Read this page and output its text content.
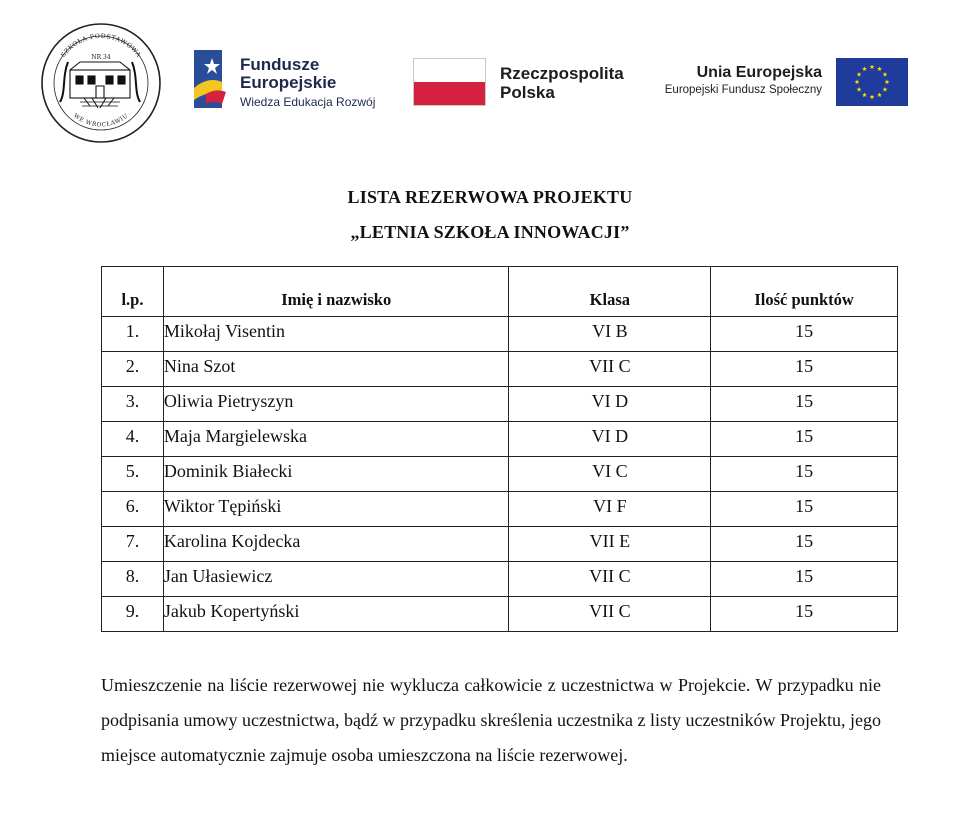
SZKOŁA PODSTAWOWA
WE WROCŁAWIU
NR 34	Fundusze
Europejskie
Wiedza Edukacja Rozwój
Rzeczpospolita
Polska
Unia Europejska
Europejski Fundusz Społeczny
LISTA REZERWOWA PROJEKTU
„LETNIA SZKOŁA INNOWACJI”
l.p.	Imię i nazwisko	Klasa	Ilość punktów
1.	Mikołaj Visentin	VI B	15
2.	Nina Szot	VII C	15
3.	Oliwia Pietryszyn	VI D	15
4.	Maja Margielewska	VI D	15
5.	Dominik Białecki	VI C	15
6.	Wiktor Tępiński	VI F	15
7.	Karolina Kojdecka	VII E	15
8.	Jan Ułasiewicz	VII C	15
9.	Jakub Kopertyński	VII C	15
Umieszczenie na liście rezerwowej nie wyklucza całkowicie z uczestnictwa w Projekcie. W przypadku nie podpisania umowy uczestnictwa, bądź w przypadku skreślenia uczestnika z listy uczestników Projektu, jego miejsce automatycznie zajmuje osoba umieszczona na liście rezerwowej.
